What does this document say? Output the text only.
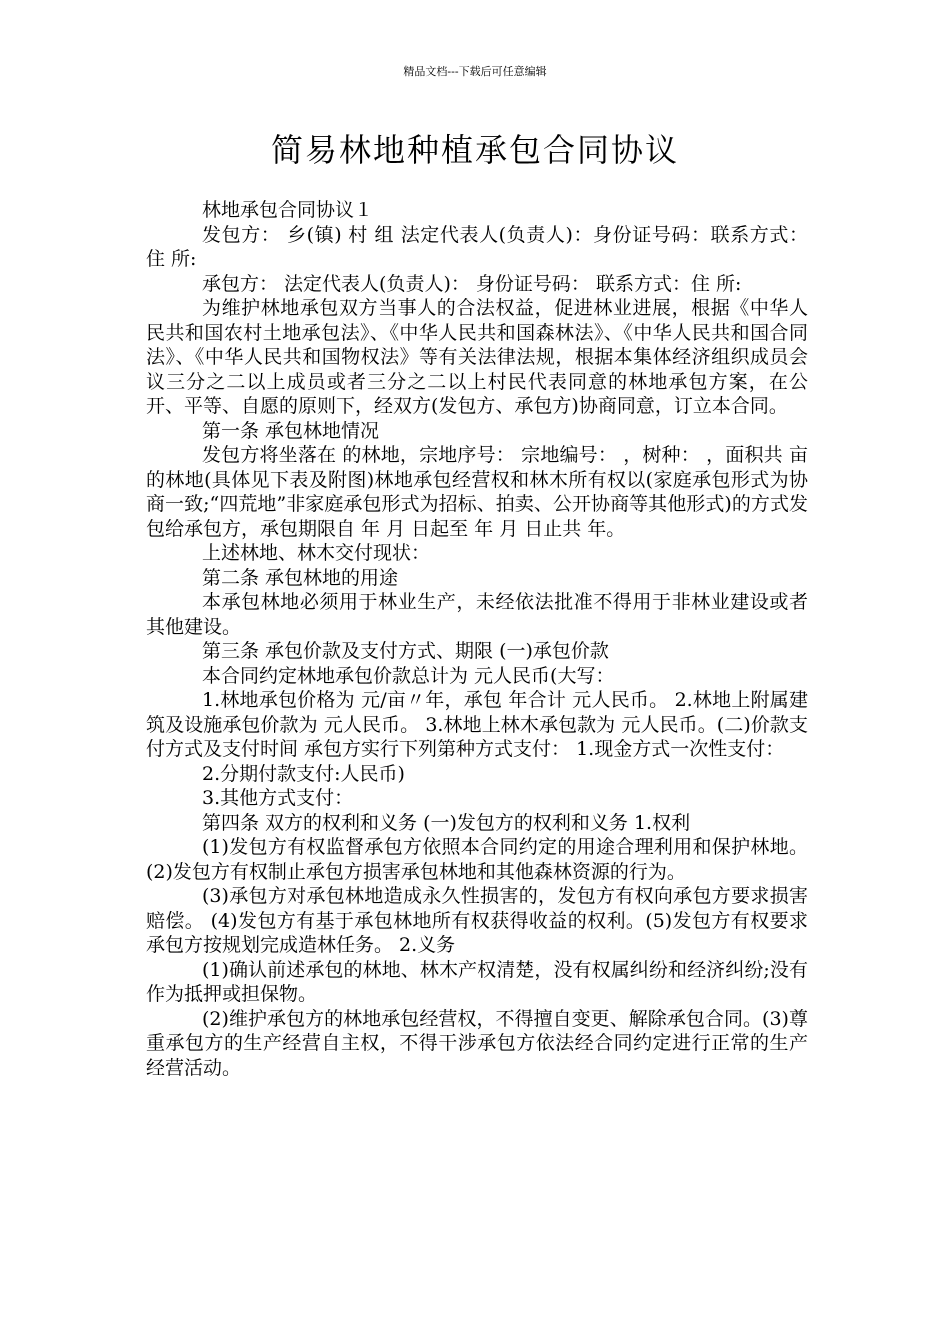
精品文档---下载后可任意编辑
简易林地种植承包合同协议

林地承包合同协议１

发包方： 乡(镇) 村 组 法定代表人(负责人)：身份证号码：联系方式： 住 所:

承包方： 法定代表人(负责人)： 身份证号码： 联系方式：住 所:

为维护林地承包双方当事人的合法权益，促进林业进展，根据《中华人民共和国农村土地承包法》、《中华人民共和国森林法》、《中华人民共和国合同法》、《中华人民共和国物权法》等有关法律法规，根据本集体经济组织成员会议三分之二以上成员或者三分之二以上村民代表同意的林地承包方案，在公开、平等、自愿的原则下，经双方(发包方、承包方)协商同意，订立本合同。

第一条 承包林地情况

发包方将坐落在 的林地，宗地序号： 宗地编号： ，树种： ，面积共 亩的林地(具体见下表及附图)林地承包经营权和林木所有权以(家庭承包形式为协商一致;“四荒地”非家庭承包形式为招标、拍卖、公开协商等其他形式)的方式发包给承包方，承包期限自 年 月 日起至 年 月 日止共 年。

上述林地、林木交付现状：

第二条 承包林地的用途

本承包林地必须用于林业生产，未经依法批准不得用于非林业建设或者其他建设。

第三条 承包价款及支付方式、期限 (一)承包价款

本合同约定林地承包价款总计为 元人民币(大写：

1.林地承包价格为 元/亩〃年，承包 年合计 元人民币。 2.林地上附属建筑及设施承包价款为 元人民币。 3.林地上林木承包款为 元人民币。(二)价款支付方式及支付时间 承包方实行下列第种方式支付： 1.现金方式一次性支付：

2.分期付款支付:人民币)

3.其他方式支付：

第四条 双方的权利和义务 (一)发包方的权利和义务 1.权利

(1)发包方有权监督承包方依照本合同约定的用途合理利用和保护林地。 (2)发包方有权制止承包方损害承包林地和其他森林资源的行为。

(3)承包方对承包林地造成永久性损害的，发包方有权向承包方要求损害赔偿。 (4)发包方有基于承包林地所有权获得收益的权利。(5)发包方有权要求承包方按规划完成造林任务。 2.义务

(1)确认前述承包的林地、林木产权清楚，没有权属纠纷和经济纠纷;没有作为抵押或担保物。

(2)维护承包方的林地承包经营权，不得擅自变更、解除承包合同。(3)尊重承包方的生产经营自主权，不得干涉承包方依法经合同约定进行正常的生产经营活动。
